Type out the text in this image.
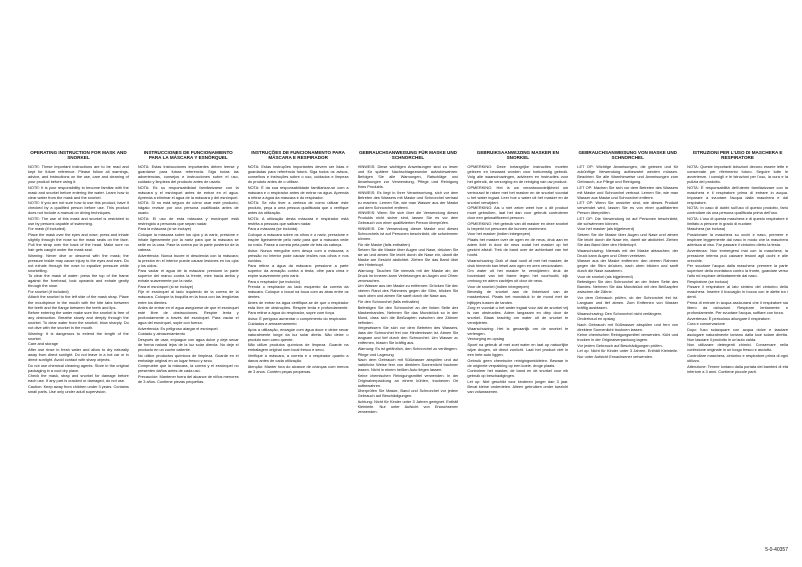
OPERATING INSTRUCTION FOR MASK AND SNORKEL

NOTE: These important instructions are to be read and kept for future reference. Please follow all warnings, advice, and instructions on the use, care and cleaning of your product before using it.

NOTE: It is your responsibility to become familiar with the mask and snorkel before entering the water. Learn how to clear water from the mask and the snorkel.

NOTE: If you are not sure how to use this product, have it checked by a qualified person before use. This product does not include a manual on diving techniques.

NOTE: The use of this mask and snorkel is restricted to use by persons capable of swimming.

For mask (if included)

Place the mask over the eyes and nose, press and inhale slightly through the nose so the mask seals on the face. Pull the strap over the back of the head. Make sure no hair gets caught under the mask seal.

Warning: Never dive or descend with the mask; the pressure inside may cause injury to the eyes and ears. Do not exhale through the nose to equalize pressure while snorkelling.

To clear the mask of water: press the top of the frame against the forehead, look upwards and exhale gently through the nose.

For snorkel (if included)

Attach the snorkel to the left side of the mask strap. Place the mouthpiece in the mouth with the bite tabs between the teeth and the flange between the teeth and lips.

Before entering the water make sure the snorkel is free of any obstruction. Breathe slowly and deeply through the snorkel. To clear water from the snorkel, blow sharply. Do not dive with the snorkel in the mouth.

Warning: It is dangerous to extend the length of the snorkel.

Care and storage

After use rinse in fresh water and allow to dry naturally away from direct sunlight. Do not leave in a hot car or in direct sunlight. Avoid contact with sharp objects.

Do not use chemical cleaning agents. Store in the original packaging in a cool dry place.

Check the mask, strap and snorkel for damage before each use. If any part is cracked or damaged, do not use.

Caution: Keep away from children under 3 years. Contains small parts. Use only under adult supervision.

INSTRUCCIONES DE FUNCIONAMIENTO PARA LA MÁSCARA Y ESNÓRQUEL

NOTA: Estas instrucciones importantes deben leerse y guardarse para futura referencia. Siga todas las advertencias, consejos e instrucciones sobre el uso, cuidado y limpieza del producto antes de usarlo.

NOTA: Es su responsabilidad familiarizarse con la máscara y el esnórquel antes de entrar en el agua. Aprenda a eliminar el agua de la máscara y del esnórquel.

NOTA: Si no está seguro de cómo usar este producto, hágalo revisar por una persona cualificada antes de usarlo.

NOTA: El uso de esta máscara y esnórquel está restringido a personas que sepan nadar.

Para la máscara (si se incluye)

Coloque la máscara sobre los ojos y la nariz, presione e inhale ligeramente por la nariz para que la máscara se selle en la cara. Pase la correa por la parte posterior de la cabeza.

Advertencia: Nunca bucee ni descienda con la máscara; la presión en el interior puede causar lesiones en los ojos y los oídos.

Para vaciar el agua de la máscara: presione la parte superior del marco contra la frente, mire hacia arriba y exhale suavemente por la nariz.

Para el esnórquel (si se incluye)

Fije el esnórquel al lado izquierdo de la correa de la máscara. Coloque la boquilla en la boca con las lengüetas entre los dientes.

Antes de entrar en el agua asegúrese de que el esnórquel esté libre de obstrucciones. Respire lenta y profundamente a través del esnórquel. Para vaciar el agua del esnórquel, sople con fuerza.

Advertencia: Es peligroso alargar el esnórquel.

Cuidado y almacenamiento

Después de usar, enjuague con agua dulce y deje secar de forma natural lejos de la luz solar directa. No deje el producto en un coche caliente.

No utilice productos químicos de limpieza. Guarde en el embalaje original en un lugar fresco y seco.

Compruebe que la máscara, la correa y el esnórquel no presenten daños antes de cada uso.

Precaución: Mantener fuera del alcance de niños menores de 3 años. Contiene piezas pequeñas.

INSTRUÇÕES DE FUNCIONAMENTO PARA MÁSCARA E RESPIRADOR

NOTA: Estas instruções importantes devem ser lidas e guardadas para referência futura. Siga todos os avisos, conselhos e instruções sobre o uso, cuidados e limpeza do produto antes de o utilizar.

NOTA: É da sua responsabilidade familiarizar-se com a máscara e o respirador antes de entrar na água. Aprenda a retirar a água da máscara e do respirador.

NOTA: Se não tiver a certeza de como utilizar este produto, peça a uma pessoa qualificada que o verifique antes da utilização.

NOTA: A utilização desta máscara e respirador está restrita a pessoas que saibam nadar.

Para a máscara (se incluída)

Coloque a máscara sobre os olhos e o nariz, pressione e inspire ligeiramente pelo nariz para que a máscara vede no rosto. Passe a correia pela parte de trás da cabeça.

Aviso: Nunca mergulhe nem desça com a máscara; a pressão no interior pode causar lesões nos olhos e nos ouvidos.

Para retirar a água da máscara: pressione a parte superior da armação contra a testa, olhe para cima e expire suavemente pelo nariz.

Para o respirador (se incluído)

Prenda o respirador ao lado esquerdo da correia da máscara. Coloque o bocal na boca com as abas entre os dentes.

Antes de entrar na água certifique-se de que o respirador está livre de obstruções. Respire lenta e profundamente. Para retirar a água do respirador, sopre com força.

Aviso: É perigoso aumentar o comprimento do respirador.

Cuidados e armazenamento

Após a utilização, enxagúe com água doce e deixe secar naturalmente longe da luz solar direta. Não deixe o produto num carro quente.

Não utilize produtos químicos de limpeza. Guarde na embalagem original num local fresco e seco.

Verifique a máscara, a correia e o respirador quanto a danos antes de cada utilização.

Atenção: Manter fora do alcance de crianças com menos de 3 anos. Contém peças pequenas.

GEBRAUCHSANWEISUNG FÜR MASKE UND SCHNORCHEL

HINWEIS: Diese wichtigen Anweisungen sind zu lesen und für spätere Nachschlagezwecke aufzubewahren. Befolgen Sie alle Warnungen, Ratschläge und Anweisungen zur Verwendung, Pflege und Reinigung Ihres Produkts.

HINWEIS: Es liegt in Ihrer Verantwortung, sich vor dem Betreten des Wassers mit Maske und Schnorchel vertraut zu machen. Lernen Sie, wie man Wasser aus der Maske und dem Schnorchel entfernt.

HINWEIS: Wenn Sie sich über die Verwendung dieses Produkts nicht sicher sind, lassen Sie es vor dem Gebrauch von einer qualifizierten Person überprüfen.

HINWEIS: Die Verwendung dieser Maske und dieses Schnorchels ist auf Personen beschränkt, die schwimmen können.

Für die Maske (falls enthalten)

Setzen Sie die Maske über Augen und Nase, drücken Sie sie an und atmen Sie leicht durch die Nase ein, damit die Maske am Gesicht abdichtet. Ziehen Sie das Band über den Hinterkopf.

Warnung: Tauchen Sie niemals mit der Maske ab; der Druck im Inneren kann Verletzungen an Augen und Ohren verursachen.

Um Wasser aus der Maske zu entfernen: Drücken Sie den oberen Rand des Rahmens gegen die Stirn, blicken Sie nach oben und atmen Sie sanft durch die Nase aus.

Für den Schnorchel (falls enthalten)

Befestigen Sie den Schnorchel an der linken Seite des Maskenbandes. Nehmen Sie das Mundstück so in den Mund, dass sich die Beißzapfen zwischen den Zähnen befinden.

Vergewissern Sie sich vor dem Betreten des Wassers, dass der Schnorchel frei von Hindernissen ist. Atmen Sie langsam und tief durch den Schnorchel. Um Wasser zu entfernen, blasen Sie kräftig aus.

Warnung: Es ist gefährlich, den Schnorchel zu verlängern.

Pflege und Lagerung

Nach dem Gebrauch mit Süßwasser abspülen und auf natürliche Weise fern von direktem Sonnenlicht trocknen lassen. Nicht in einem heißen Auto liegen lassen.

Keine chemischen Reinigungsmittel verwenden. In der Originalverpackung an einem kühlen, trockenen Ort aufbewahren.

Überprüfen Sie Maske, Band und Schnorchel vor jedem Gebrauch auf Beschädigungen.

Achtung: Nicht für Kinder unter 3 Jahren geeignet. Enthält Kleinteile. Nur unter Aufsicht von Erwachsenen verwenden.

GEBRUIKSAANWIJZING MASKER EN SNORKEL

OPMERKING: Deze belangrijke instructies moeten gelezen en bewaard worden voor toekomstig gebruik. Volg alle waarschuwingen, adviezen en instructies voor het gebruik, de verzorging en de reiniging van uw product.

OPMERKING: Het is uw verantwoordelijkheid om vertrouwd te raken met het masker en de snorkel voordat u het water ingaat. Leer hoe u water uit het masker en de snorkel verwijdert.

OPMERKING: Als u niet zeker weet hoe u dit product moet gebruiken, laat het dan voor gebruik controleren door een gekwalificeerd persoon.

OPMERKING: Het gebruik van dit masker en deze snorkel is beperkt tot personen die kunnen zwemmen.

Voor het masker (indien inbegrepen)

Plaats het masker over de ogen en de neus, druk aan en adem licht in door de neus zodat het masker op het gezicht afsluit. Trek de band over de achterkant van het hoofd.

Waarschuwing: Duik of daal nooit af met het masker; de druk binnenin kan letsel aan ogen en oren veroorzaken.

Om water uit het masker te verwijderen: druk de bovenkant van het frame tegen het voorhoofd, kijk omhoog en adem zachtjes uit door de neus.

Voor de snorkel (indien inbegrepen)

Bevestig de snorkel aan de linkerkant van de maskerband. Plaats het mondstuk in de mond met de bijtlipjes tussen de tanden.

Zorg er voordat u het water ingaat voor dat de snorkel vrij is van obstructies. Adem langzaam en diep door de snorkel. Blaas krachtig om water uit de snorkel te verwijderen.

Waarschuwing: Het is gevaarlijk om de snorkel te verlengen.

Verzorging en opslag

Spoel na gebruik af met zoet water en laat op natuurlijke wijze drogen, uit direct zonlicht. Laat het product niet in een hete auto liggen.

Gebruik geen chemische reinigingsmiddelen. Bewaar in de originele verpakking op een koele, droge plaats.

Controleer het masker, de band en de snorkel voor elk gebruik op beschadigingen.

Let op: Niet geschikt voor kinderen jonger dan 3 jaar. Bevat kleine onderdelen. Alleen gebruiken onder toezicht van volwassenen.

GEBRAUCHSANWEISUNG VON MASKE UND SCHNORCHEL

LET OP: Wichtige Anweisungen, die gelesen und für zukünftige Verwendung aufbewahrt werden müssen. Beachten Sie alle Warnhinweise und Anweisungen zum Gebrauch, zur Pflege und Reinigung.

LET OP: Machen Sie sich vor dem Betreten des Wassers mit Maske und Schnorchel vertraut. Lernen Sie, wie man Wasser aus Maske und Schnorchel entfernt.

LET OP: Wenn Sie unsicher sind, wie dieses Produkt verwendet wird, lassen Sie es von einer qualifizierten Person überprüfen.

LET OP: Die Verwendung ist auf Personen beschränkt, die schwimmen können.

Voor het masker (als bijgeleverd)

Setzen Sie die Maske über Augen und Nase und atmen Sie leicht durch die Nase ein, damit sie abdichtet. Ziehen Sie das Band über den Hinterkopf.

Waarschuwing: Niemals mit der Maske abtauchen; der Druck kann Augen und Ohren verletzen.

Wasser aus der Maske entfernen: den oberen Rahmen gegen die Stirn drücken, nach oben blicken und sanft durch die Nase ausatmen.

Voor de snorkel (als bijgeleverd)

Befestigen Sie den Schnorchel an der linken Seite des Bandes. Nehmen Sie das Mundstück mit den Beißzapfen zwischen die Zähne.

Vor dem Gebrauch prüfen, ob der Schnorchel frei ist. Langsam und tief atmen. Zum Entfernen von Wasser kräftig ausblasen.

Waarschuwing: Den Schnorchel nicht verlängern.

Onderhoud en opslag

Nach Gebrauch mit Süßwasser abspülen und fern von direktem Sonnenlicht trocknen lassen.

Keine chemischen Reinigungsmittel verwenden. Kühl und trocken in der Originalverpackung lagern.

Vor jedem Gebrauch auf Beschädigungen prüfen.

Let op: Nicht für Kinder unter 3 Jahren. Enthält Kleinteile. Nur unter Aufsicht Erwachsener verwenden.

ISTRUZIONI PER L'USO DI MASCHERA E RESPIRATORE

NOTA: Queste importanti istruzioni devono essere lette e conservate per riferimento futuro. Seguire tutte le avvertenze, i consigli e le istruzioni per l'uso, la cura e la pulizia del prodotto.

NOTA: È responsabilità dell'utente familiarizzare con la maschera e il respiratore prima di entrare in acqua. Imparare a svuotare l'acqua dalla maschera e dal respiratore.

NOTA: In caso di dubbi sull'uso di questo prodotto, farlo controllare da una persona qualificata prima dell'uso.

NOTA: L'uso di questa maschera e di questo respiratore è limitato a persone in grado di nuotare.

Maschera (se inclusa)

Posizionare la maschera su occhi e naso, premere e inspirare leggermente dal naso in modo che la maschera aderisca al viso. Far passare il cinturino dietro la testa.

Avvertenza: Non immergersi mai con la maschera; la pressione interna può causare lesioni agli occhi e alle orecchie.

Per svuotare l'acqua dalla maschera: premere la parte superiore della montatura contro la fronte, guardare verso l'alto ed espirare delicatamente dal naso.

Respiratore (se incluso)

Fissare il respiratore al lato sinistro del cinturino della maschera. Inserire il boccaglio in bocca con le alette tra i denti.

Prima di entrare in acqua assicurarsi che il respiratore sia libero da ostruzioni. Respirare lentamente e profondamente. Per svuotare l'acqua, soffiare con forza.

Avvertenza: È pericoloso allungare il respiratore.

Cura e conservazione

Dopo l'uso sciacquare con acqua dolce e lasciare asciugare naturalmente lontano dalla luce solare diretta. Non lasciare il prodotto in un'auto calda.

Non utilizzare detergenti chimici. Conservare nella confezione originale in un luogo fresco e asciutto.

Controllare maschera, cinturino e respiratore prima di ogni utilizzo.

Attenzione: Tenere lontano dalla portata dei bambini di età inferiore a 3 anni. Contiene piccole parti.

5-0-40357
